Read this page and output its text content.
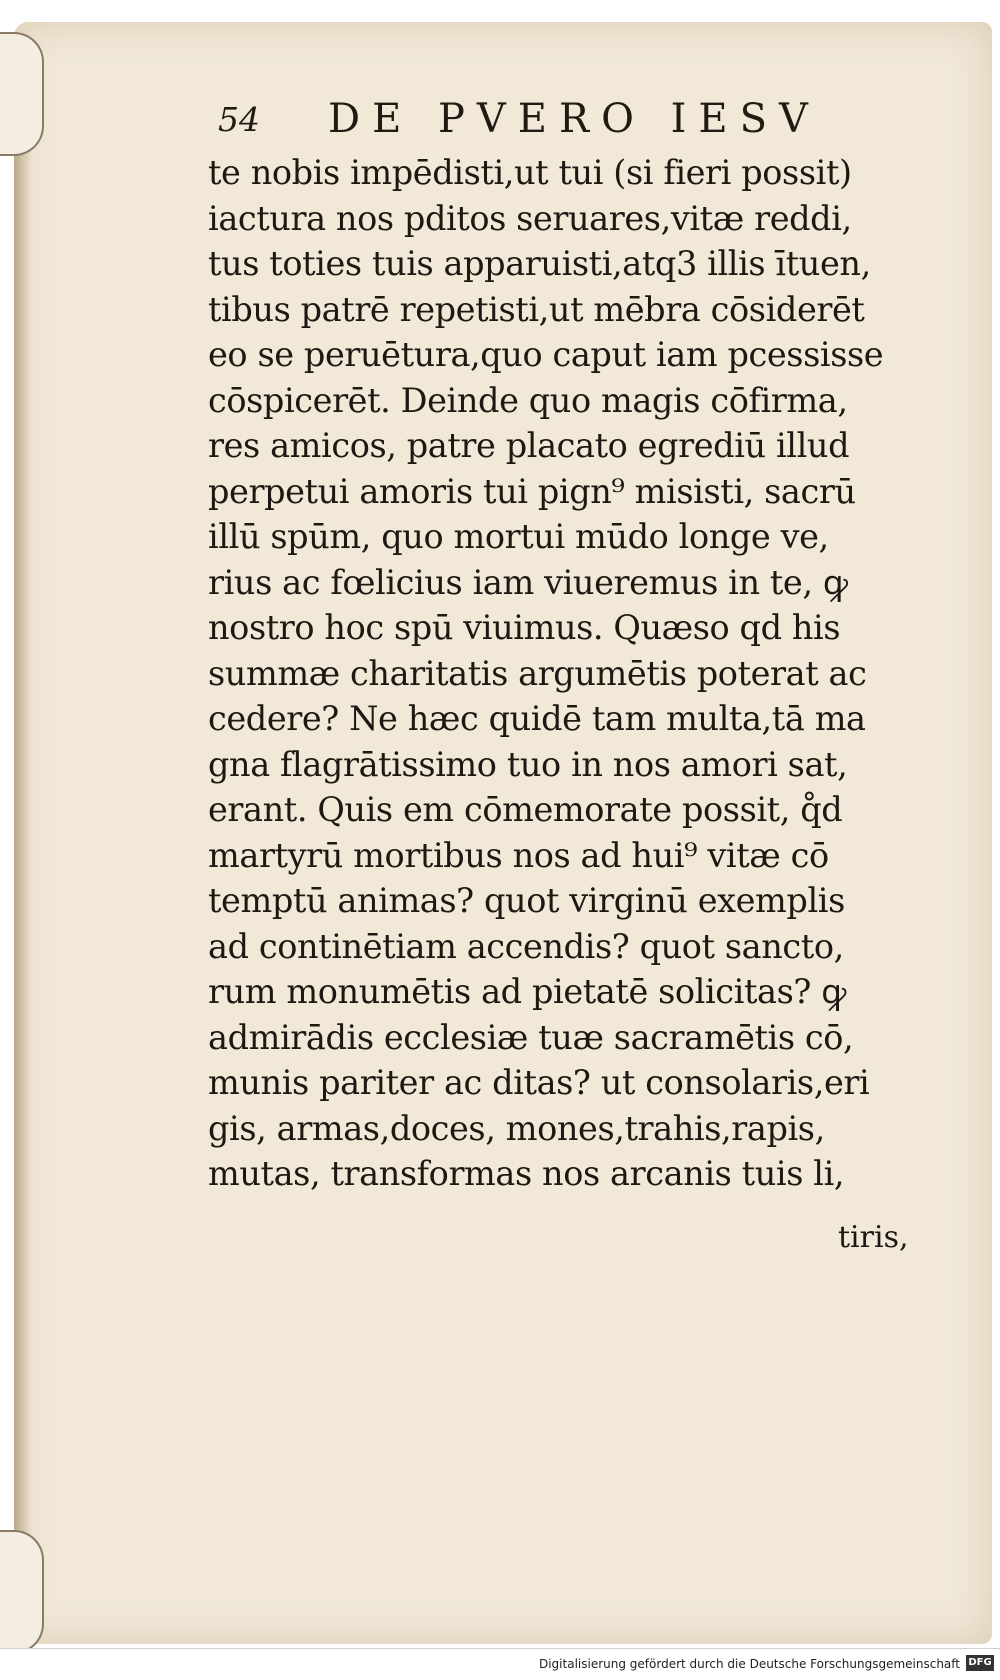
54 DE PVERO IESV
te nobis impēdisti,ut tui (si fieri possit)
iactura nos pditos seruares,vitæ reddi,
tus toties tuis apparuisti,atq3 illis ītuen,
tibus patrē repetisti,ut mēbra cōsiderēt
eo se peruētura,quo caput iam pcessisse
cōspicerēt. Deinde quo magis cōfirma,
res amicos, patre placato egrediū illud
perpetui amoris tui pign⁹ misisti, sacrū
illū spūm, quo mortui mūdo longe ve,
rius ac fœlicius iam viueremus in te, ꝙ
nostro hoc spū viuimus. Quæso qd his
summæ charitatis argumētis poterat ac
cedere? Ne hæc quidē tam multa,tā ma
gna flagrātissimo tuo in nos amori sat,
erant. Quis em cōmemorate possit, q̊d
martyrū mortibus nos ad hui⁹ vitæ cō
temptū animas? quot virginū exemplis
ad continētiam accendis? quot sancto,
rum monumētis ad pietatē solicitas? ꝙ
admirādis ecclesiæ tuæ sacramētis cō,
munis pariter ac ditas? ut consolaris,eri
gis, armas,doces, mones,trahis,rapis,
mutas, transformas nos arcanis tuis li,
tiris,
Digitalisierung gefördert durch die Deutsche Forschungsgemeinschaft DFG
